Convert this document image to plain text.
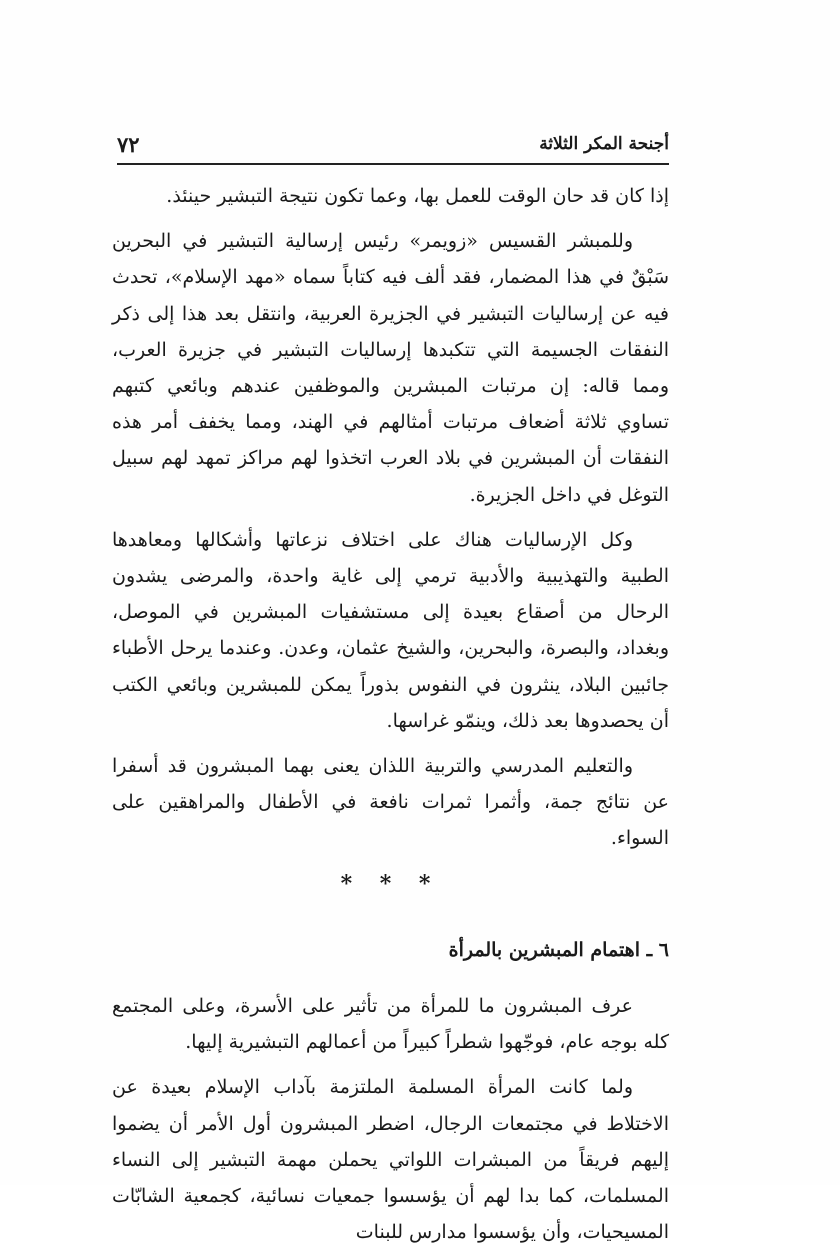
٧٢	أجنحة المكر الثلاثة

إذا كان قد حان الوقت للعمل بها، وعما تكون نتيجة التبشير حينئذ.

وللمبشر القسيس «زويمر» رئيس إرسالية التبشير في البحرين سَبْقٌ في هذا المضمار، فقد ألف فيه كتاباً سماه «مهد الإسلام»، تحدث فيه عن إرساليات التبشير في الجزيرة العربية، وانتقل بعد هذا إلى ذكر النفقات الجسيمة التي تتكبدها إرساليات التبشير في جزيرة العرب، ومما قاله: إن مرتبات المبشرين والموظفين عندهم وبائعي كتبهم تساوي ثلاثة أضعاف مرتبات أمثالهم في الهند، ومما يخفف أمر هذه النفقات أن المبشرين في بلاد العرب اتخذوا لهم مراكز تمهد لهم سبيل التوغل في داخل الجزيرة.

وكل الإرساليات هناك على اختلاف نزعاتها وأشكالها ومعاهدها الطبية والتهذيبية والأدبية ترمي إلى غاية واحدة، والمرضى يشدون الرحال من أصقاع بعيدة إلى مستشفيات المبشرين في الموصل، وبغداد، والبصرة، والبحرين، والشيخ عثمان، وعدن. وعندما يرحل الأطباء جائبين البلاد، ينثرون في النفوس بذوراً يمكن للمبشرين وبائعي الكتب أن يحصدوها بعد ذلك، وينمّو غراسها.

والتعليم المدرسي والتربية اللذان يعنى بهما المبشرون قد أسفرا عن نتائج جمة، وأثمرا ثمرات نافعة في الأطفال والمراهقين على السواء.

* * *
٦ ـ اهتمام المبشرين بالمرأة

عرف المبشرون ما للمرأة من تأثير على الأسرة، وعلى المجتمع كله بوجه عام، فوجّهوا شطراً كبيراً من أعمالهم التبشيرية إليها.

ولما كانت المرأة المسلمة الملتزمة بآداب الإسلام بعيدة عن الاختلاط في مجتمعات الرجال، اضطر المبشرون أول الأمر أن يضموا إليهم فريقاً من المبشرات اللواتي يحملن مهمة التبشير إلى النساء المسلمات، كما بدا لهم أن يؤسسوا جمعيات نسائية، كجمعية الشابّات المسيحيات، وأن يؤسسوا مدارس للبنات
